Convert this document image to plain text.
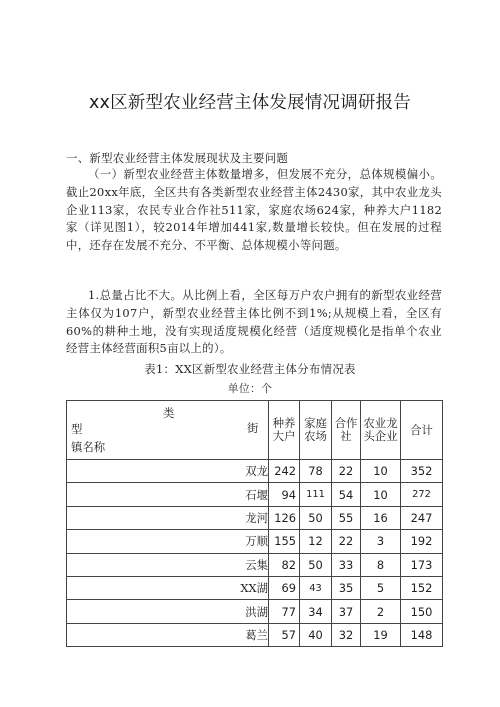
xx区新型农业经营主体发展情况调研报告

一、新型农业经营主体发展现状及主要问题

（一）新型农业经营主体数量增多，但发展不充分，总体规模偏小。截止20xx年底，全区共有各类新型农业经营主体2430家，其中农业龙头企业113家，农民专业合作社511家，家庭农场624家，种养大户1182家（详见图1），较2014年增加441家,数量增长较快。但在发展的过程中，还存在发展不充分、不平衡、总体规模小等问题。

1.总量占比不大。从比例上看，全区每万户农户拥有的新型农业经营主体仅为107户，新型农业经营主体比例不到1%;从规模上看，全区有60%的耕种土地，没有实现适度规模化经营（适度规模化是指单个农业经营主体经营面积5亩以上的）。

表1：XX区新型农业经营主体分布情况表
单位：个
类
街
型
镇名称	种养大户	家庭农场	合作社	农业龙头企业	合计
双龙	242	78	22	10	352
石堰	94	111	54	10	272
龙河	126	50	55	16	247
万顺	155	12	22	3	192
云集	82	50	33	8	173
XX湖	69	43	35	5	152
洪湖	77	34	37	2	150
葛兰	57	40	32	19	148
